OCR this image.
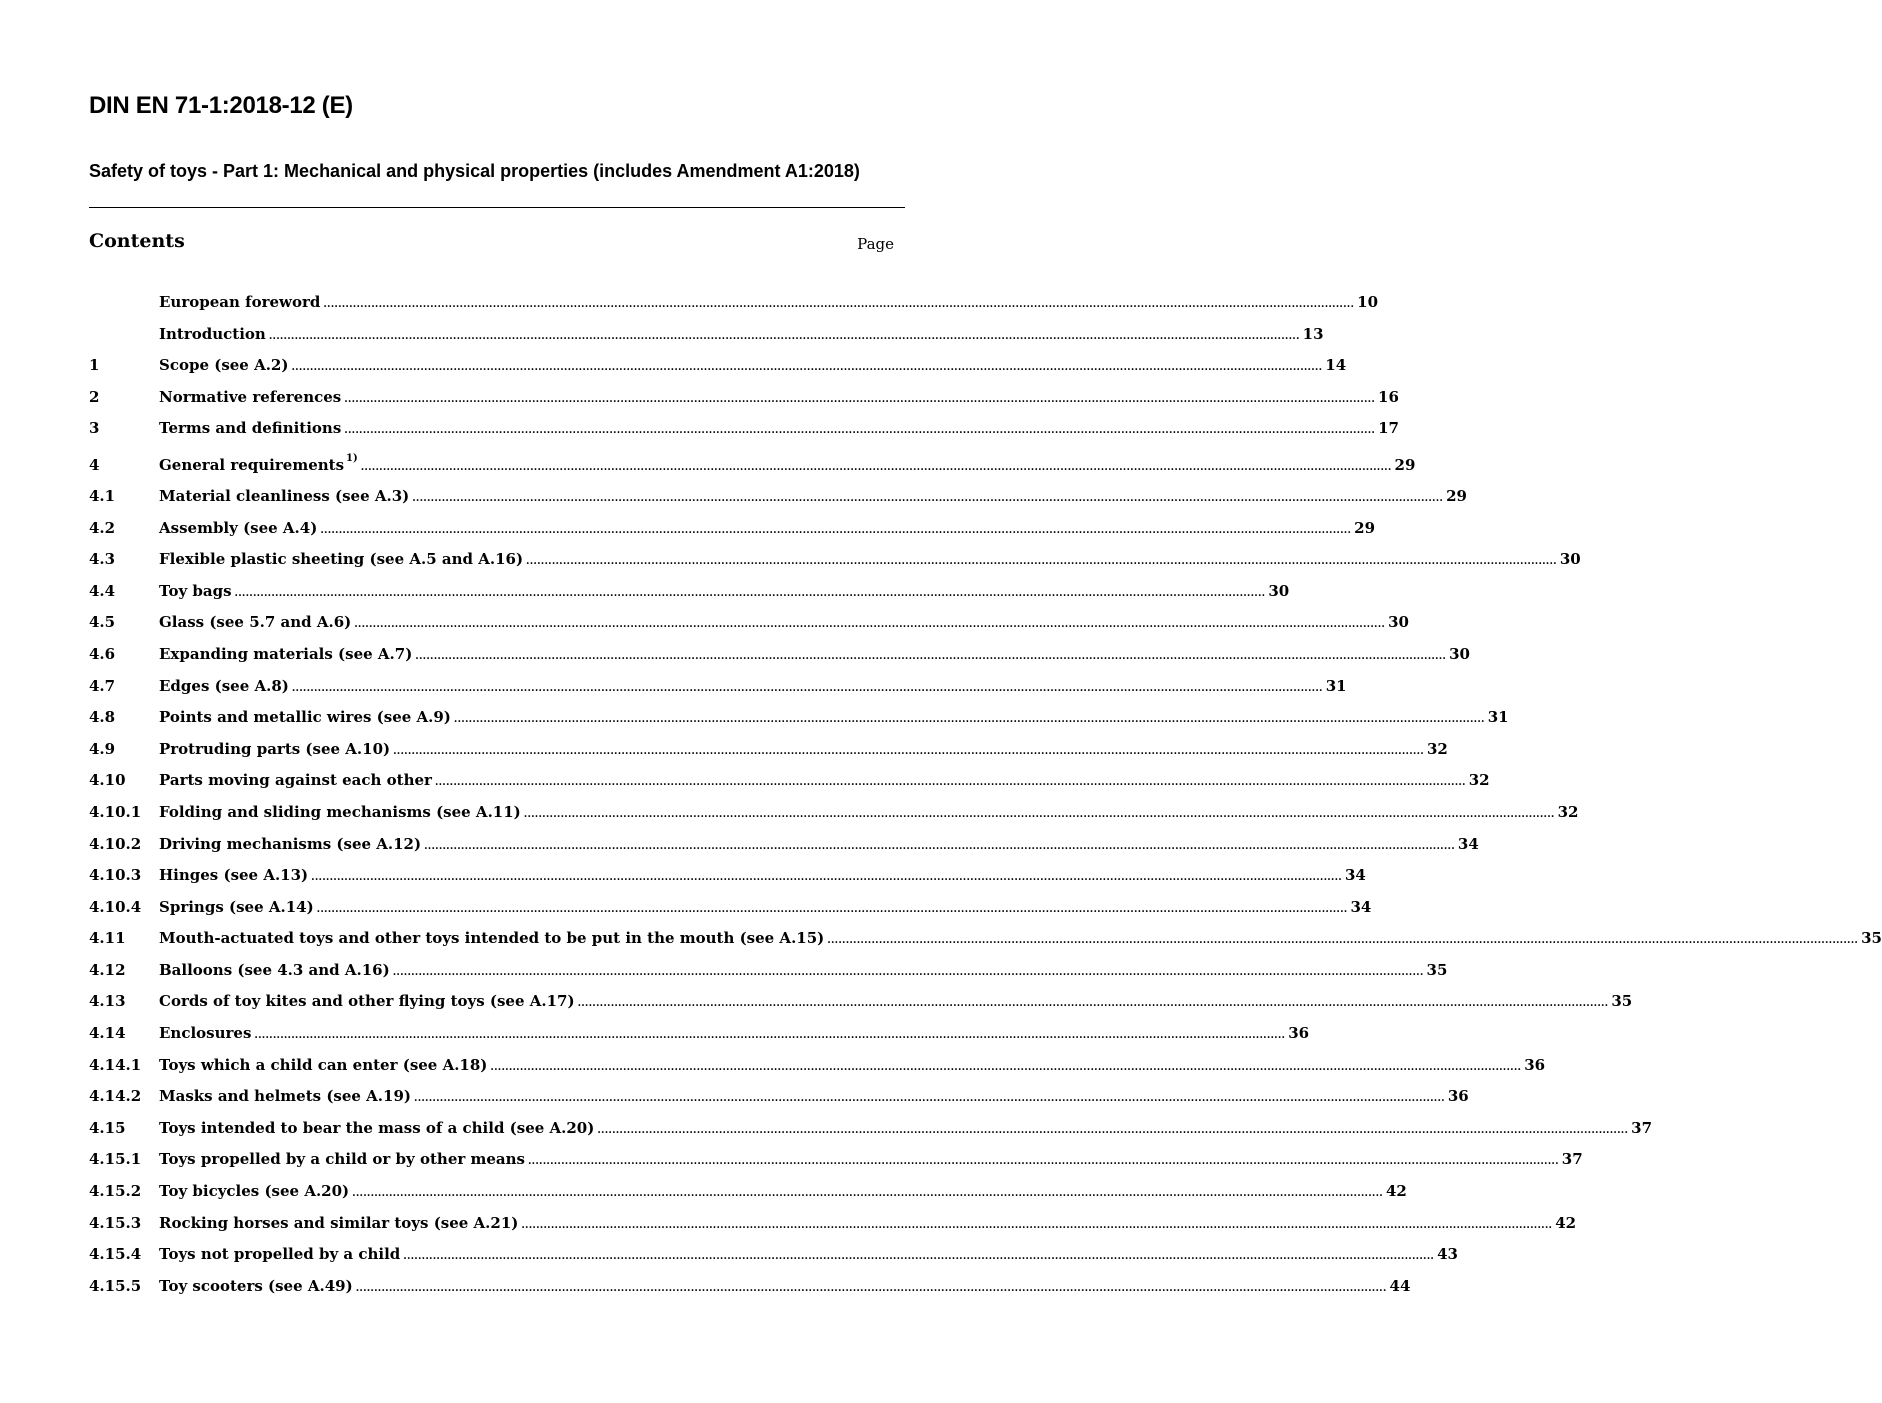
DIN EN 71-1:2018-12 (E)
Safety of toys - Part 1: Mechanical and physical properties (includes Amendment A1:2018)
Contents	Page
European foreword .....	10
Introduction .....	13
1	Scope (see A.2) .....	14
2	Normative references .....	16
3	Terms and definitions .....	17
4	General requirements $^{1)}$ .....	29
4.1	Material cleanliness (see A.3) .....	29
4.2	Assembly (see A.4) .....	29
4.3	Flexible plastic sheeting (see A.5 and A.16) .....	30
4.4	Toy bags .....	30
4.5	Glass (see 5.7 and A.6) .....	30
4.6	Expanding materials (see A.7) .....	30
4.7	Edges (see A.8) .....	31
4.8	Points and metallic wires (see A.9) .....	31
4.9	Protruding parts (see A.10) .....	32
4.10	Parts moving against each other .....	32
4.10.1	Folding and sliding mechanisms (see A.11) .....	32
4.10.2	Driving mechanisms (see A.12) .....	34
4.10.3	Hinges (see A.13) .....	34
4.10.4	Springs (see A.14) .....	34
4.11	Mouth-actuated toys and other toys intended to be put in the mouth (see A.15) .....	35
4.12	Balloons (see 4.3 and A.16) .....	35
4.13	Cords of toy kites and other flying toys (see A.17) .....	35
4.14	Enclosures .....	36
4.14.1	Toys which a child can enter (see A.18) .....	36
4.14.2	Masks and helmets (see A.19) .....	36
4.15	Toys intended to bear the mass of a child (see A.20) .....	37
4.15.1	Toys propelled by a child or by other means .....	37
4.15.2	Toy bicycles (see A.20) .....	42
4.15.3	Rocking horses and similar toys (see A.21) .....	42
4.15.4	Toys not propelled by a child .....	43
4.15.5	Toy scooters (see A.49) .....	44
